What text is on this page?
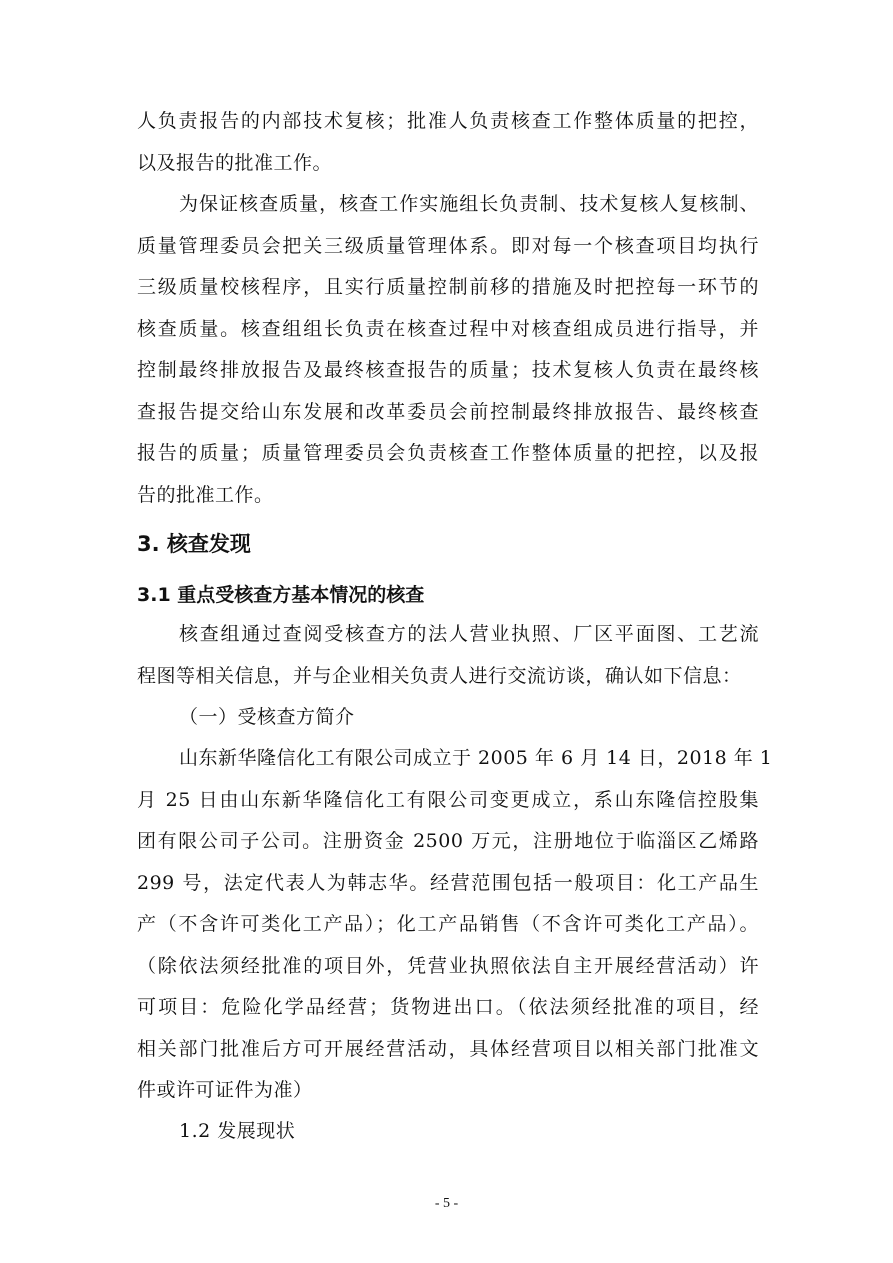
人负责报告的内部技术复核；批准人负责核查工作整体质量的把控，
以及报告的批准工作。
为保证核查质量，核查工作实施组长负责制、技术复核人复核制、
质量管理委员会把关三级质量管理体系。即对每一个核查项目均执行
三级质量校核程序，且实行质量控制前移的措施及时把控每一环节的
核查质量。核查组组长负责在核查过程中对核查组成员进行指导，并
控制最终排放报告及最终核查报告的质量；技术复核人负责在最终核
查报告提交给山东发展和改革委员会前控制最终排放报告、最终核查
报告的质量；质量管理委员会负责核查工作整体质量的把控，以及报
告的批准工作。
3. 核查发现
3.1 重点受核查方基本情况的核查
核查组通过查阅受核查方的法人营业执照、厂区平面图、工艺流
程图等相关信息，并与企业相关负责人进行交流访谈，确认如下信息：
（一）受核查方简介
山东新华隆信化工有限公司成立于 2005 年 6 月 14 日，2018 年 1
月 25 日由山东新华隆信化工有限公司变更成立，系山东隆信控股集
团有限公司子公司。注册资金 2500 万元，注册地位于临淄区乙烯路
299 号，法定代表人为韩志华。经营范围包括一般项目：化工产品生
产（不含许可类化工产品）；化工产品销售（不含许可类化工产品）。
（除依法须经批准的项目外，凭营业执照依法自主开展经营活动）许
可项目：危险化学品经营；货物进出口。（依法须经批准的项目，经
相关部门批准后方可开展经营活动，具体经营项目以相关部门批准文
件或许可证件为准）
1.2 发展现状
- 5 -
